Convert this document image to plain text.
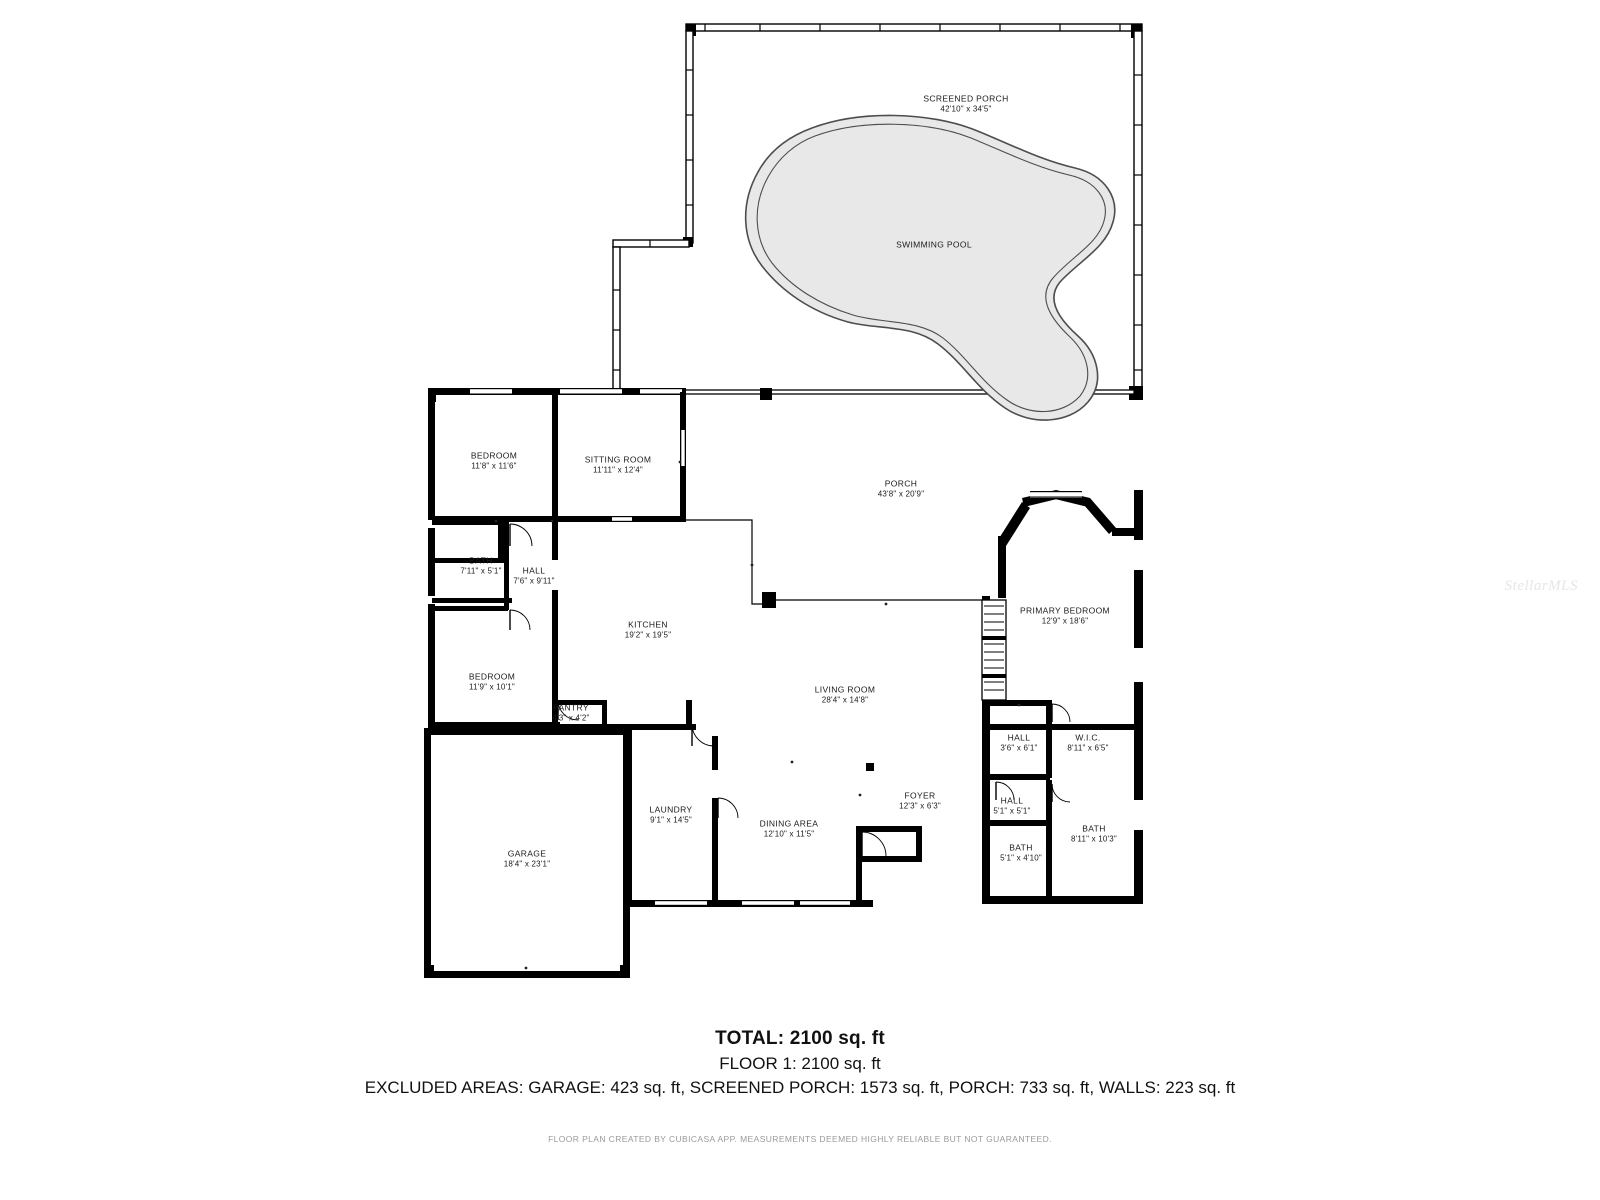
SCREENED PORCH
42'10" x 34'5"
SWIMMING POOL
BEDROOM
11'8" x 11'6"
SITTING ROOM
11'11" x 12'4"
PORCH
43'8" x 20'9"
BATH
7'11" x 5'1"	HALL
7'6" x 9'11"
PRIMARY BEDROOM
12'9" x 18'6"
KITCHEN
19'2" x 19'5"
BEDROOM
11'9" x 10'1"	LIVING ROOM
28'4" x 14'8"
PANTRY
4'3" x 4'2"
HALL
3'6" x 6'1"
W.I.C.
8'11" x 6'5"
FOYER
12'3" x 6'3"
HALL
5'1" x 5'1"
LAUNDRY
9'1" x 14'5"	DINING AREA
12'10" x 11'5"
BATH
8'11" x 10'3"
BATH
5'1" x 4'10"
GARAGE
18'4" x 23'1"
StellarMLS
TOTAL: 2100 sq. ft
FLOOR 1: 2100 sq. ft
EXCLUDED AREAS: GARAGE: 423 sq. ft, SCREENED PORCH: 1573 sq. ft, PORCH: 733 sq. ft, WALLS: 223 sq. ft
FLOOR PLAN CREATED BY CUBICASA APP. MEASUREMENTS DEEMED HIGHLY RELIABLE BUT NOT GUARANTEED.
